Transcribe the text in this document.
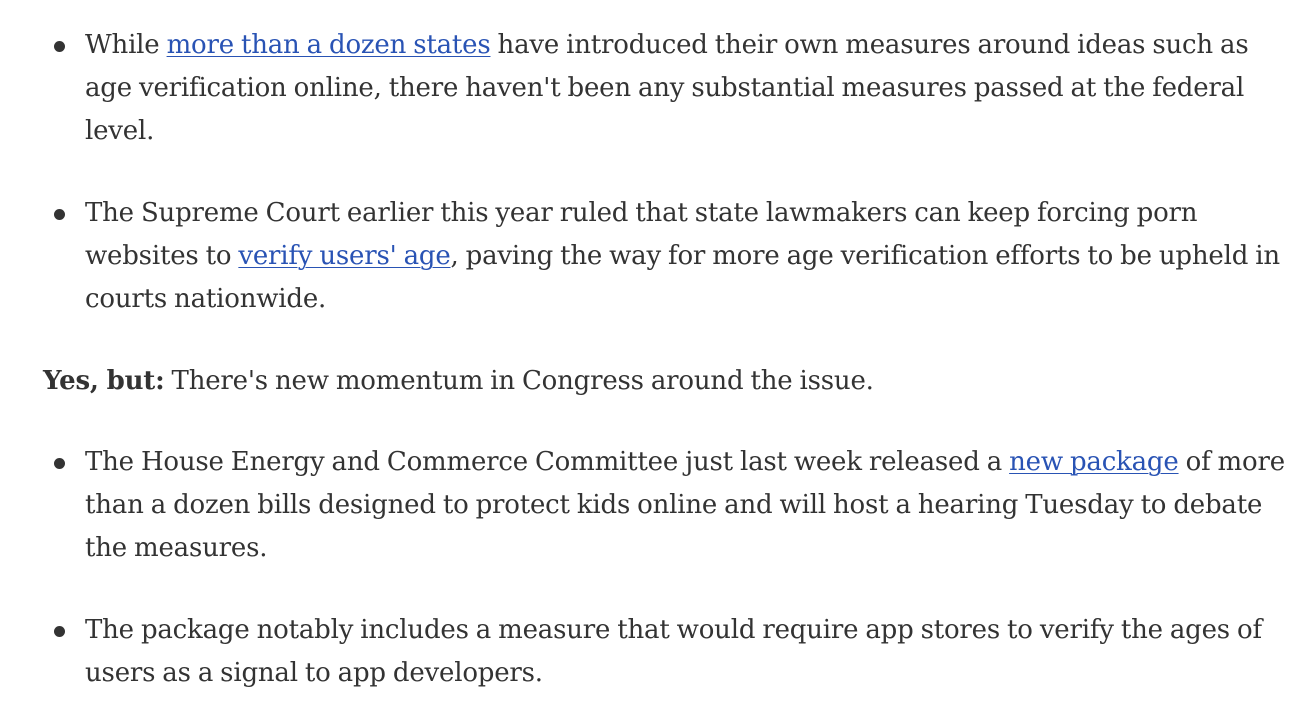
While more than a dozen states have introduced their own measures around ideas such as age verification online, there haven't been any substantial measures passed at the federal level.
The Supreme Court earlier this year ruled that state lawmakers can keep forcing porn websites to verify users' age, paving the way for more age verification efforts to be upheld in courts nationwide.

Yes, but: There's new momentum in Congress around the issue.

The House Energy and Commerce Committee just last week released a new package of more than a dozen bills designed to protect kids online and will host a hearing Tuesday to debate the measures.
The package notably includes a measure that would require app stores to verify the ages of users as a signal to app developers.
